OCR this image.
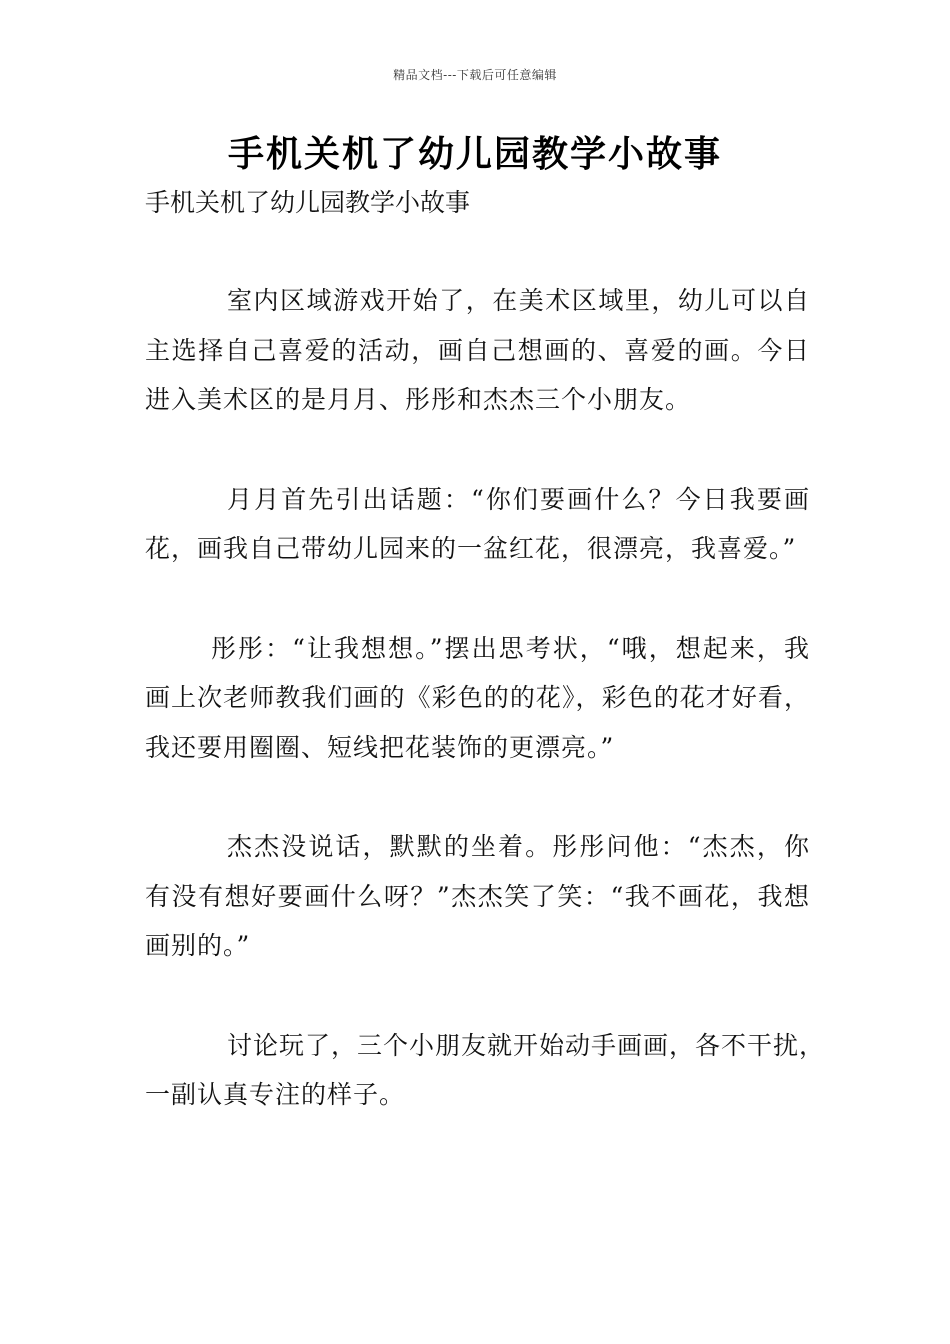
精品文档---下载后可任意编辑
手机关机了幼儿园教学小故事

手机关机了幼儿园教学小故事

室内区域游戏开始了，在美术区域里，幼儿可以自主选择自己喜爱的活动，画自己想画的、喜爱的画。今日进入美术区的是月月、彤彤和杰杰三个小朋友。

月月首先引出话题：“你们要画什么？今日我要画花，画我自己带幼儿园来的一盆红花，很漂亮，我喜爱。”

彤彤：“让我想想。”摆出思考状，“哦，想起来，我画上次老师教我们画的《彩色的的花》，彩色的花才好看，我还要用圈圈、短线把花装饰的更漂亮。”

杰杰没说话，默默的坐着。彤彤问他：“杰杰，你有没有想好要画什么呀？”杰杰笑了笑：“我不画花，我想画别的。”

讨论玩了，三个小朋友就开始动手画画，各不干扰，一副认真专注的样子。
